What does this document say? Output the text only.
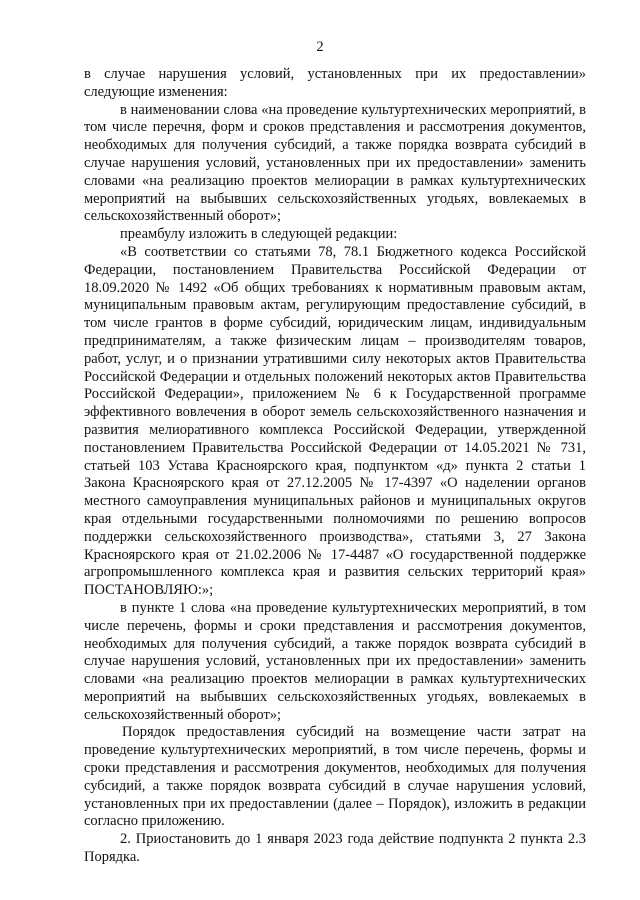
2

в случае нарушения условий, установленных при их предоставлении» следующие изменения:

в наименовании слова «на проведение культуртехнических мероприятий, в том числе перечня, форм и сроков представления и рассмотрения документов, необходимых для получения субсидий, а также порядка возврата субсидий в случае нарушения условий, установленных при их предоставлении» заменить словами «на реализацию проектов мелиорации в рамках культуртехнических мероприятий на выбывших сельскохозяйственных угодьях, вовлекаемых в сельскохозяйственный оборот»;

преамбулу изложить в следующей редакции:

«В соответствии со статьями 78, 78.1 Бюджетного кодекса Российской Федерации, постановлением Правительства Российской Федерации от 18.09.2020 № 1492 «Об общих требованиях к нормативным правовым актам, муниципальным правовым актам, регулирующим предоставление субсидий, в том числе грантов в форме субсидий, юридическим лицам, индивидуальным предпринимателям, а также физическим лицам – производителям товаров, работ, услуг, и о признании утратившими силу некоторых актов Правительства Российской Федерации и отдельных положений некоторых актов Правительства Российской Федерации», приложением № 6 к Государственной программе эффективного вовлечения в оборот земель сельскохозяйственного назначения и развития мелиоративного комплекса Российской Федерации, утвержденной постановлением Правительства Российской Федерации от 14.05.2021 № 731, статьей 103 Устава Красноярского края, подпунктом «д» пункта 2 статьи 1 Закона Красноярского края от 27.12.2005 № 17-4397 «О наделении органов местного самоуправления муниципальных районов и муниципальных округов края отдельными государственными полномочиями по решению вопросов поддержки сельскохозяйственного производства», статьями 3, 27 Закона Красноярского края от 21.02.2006 № 17-4487 «О государственной поддержке агропромышленного комплекса края и развития сельских территорий края» ПОСТАНОВЛЯЮ:»;

в пункте 1 слова «на проведение культуртехнических мероприятий, в том числе перечень, формы и сроки представления и рассмотрения документов, необходимых для получения субсидий, а также порядок возврата субсидий в случае нарушения условий, установленных при их предоставлении» заменить словами «на реализацию проектов мелиорации в рамках культуртехнических мероприятий на выбывших сельскохозяйственных угодьях, вовлекаемых в сельскохозяйственный оборот»;

Порядок предоставления субсидий на возмещение части затрат на проведение культуртехнических мероприятий, в том числе перечень, формы и сроки представления и рассмотрения документов, необходимых для получения субсидий, а также порядок возврата субсидий в случае нарушения условий, установленных при их предоставлении (далее – Порядок), изложить в редакции согласно приложению.

2. Приостановить до 1 января 2023 года действие подпункта 2 пункта 2.3 Порядка.
